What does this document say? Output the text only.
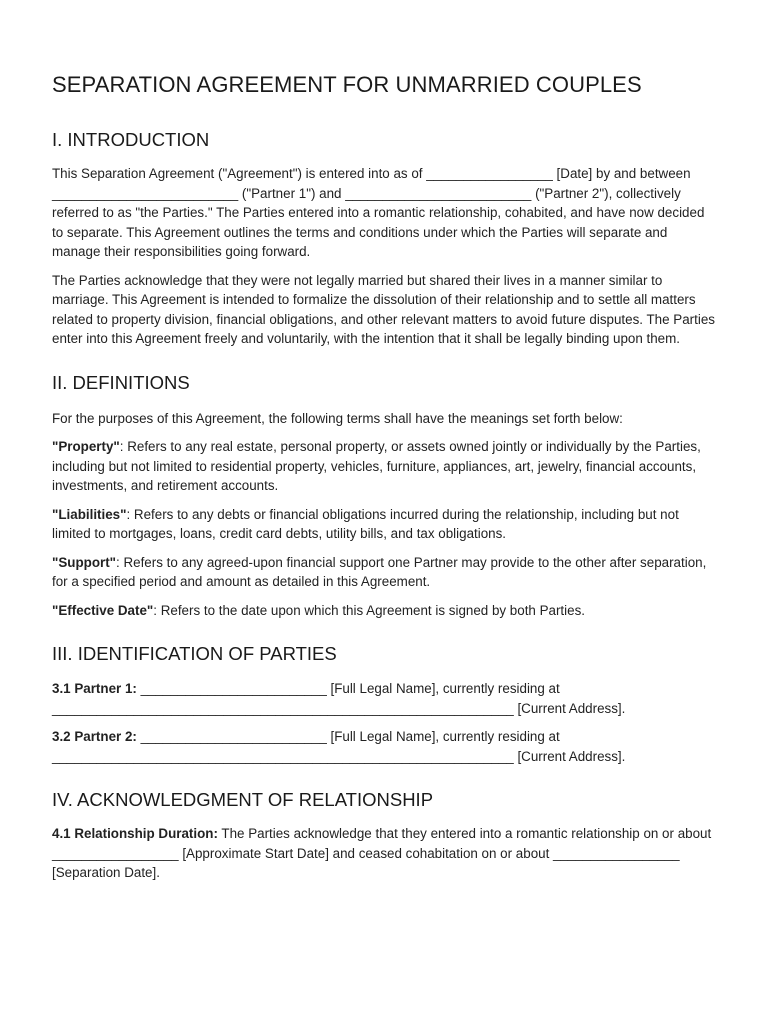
SEPARATION AGREEMENT FOR UNMARRIED COUPLES
I. INTRODUCTION

This Separation Agreement ("Agreement") is entered into as of _________________ [Date] by and between _________________________ ("Partner 1") and _________________________ ("Partner 2"), collectively referred to as "the Parties." The Parties entered into a romantic relationship, cohabited, and have now decided to separate. This Agreement outlines the terms and conditions under which the Parties will separate and manage their responsibilities going forward.

The Parties acknowledge that they were not legally married but shared their lives in a manner similar to marriage. This Agreement is intended to formalize the dissolution of their relationship and to settle all matters related to property division, financial obligations, and other relevant matters to avoid future disputes. The Parties enter into this Agreement freely and voluntarily, with the intention that it shall be legally binding upon them.

II. DEFINITIONS

For the purposes of this Agreement, the following terms shall have the meanings set forth below:

"Property": Refers to any real estate, personal property, or assets owned jointly or individually by the Parties, including but not limited to residential property, vehicles, furniture, appliances, art, jewelry, financial accounts, investments, and retirement accounts.

"Liabilities": Refers to any debts or financial obligations incurred during the relationship, including but not limited to mortgages, loans, credit card debts, utility bills, and tax obligations.

"Support": Refers to any agreed-upon financial support one Partner may provide to the other after separation, for a specified period and amount as detailed in this Agreement.

"Effective Date": Refers to the date upon which this Agreement is signed by both Parties.

III. IDENTIFICATION OF PARTIES

3.1 Partner 1: _________________________ [Full Legal Name], currently residing at ______________________________________________________________ [Current Address].

3.2 Partner 2: _________________________ [Full Legal Name], currently residing at ______________________________________________________________ [Current Address].

IV. ACKNOWLEDGMENT OF RELATIONSHIP

4.1 Relationship Duration: The Parties acknowledge that they entered into a romantic relationship on or about _________________ [Approximate Start Date] and ceased cohabitation on or about _________________ [Separation Date].
